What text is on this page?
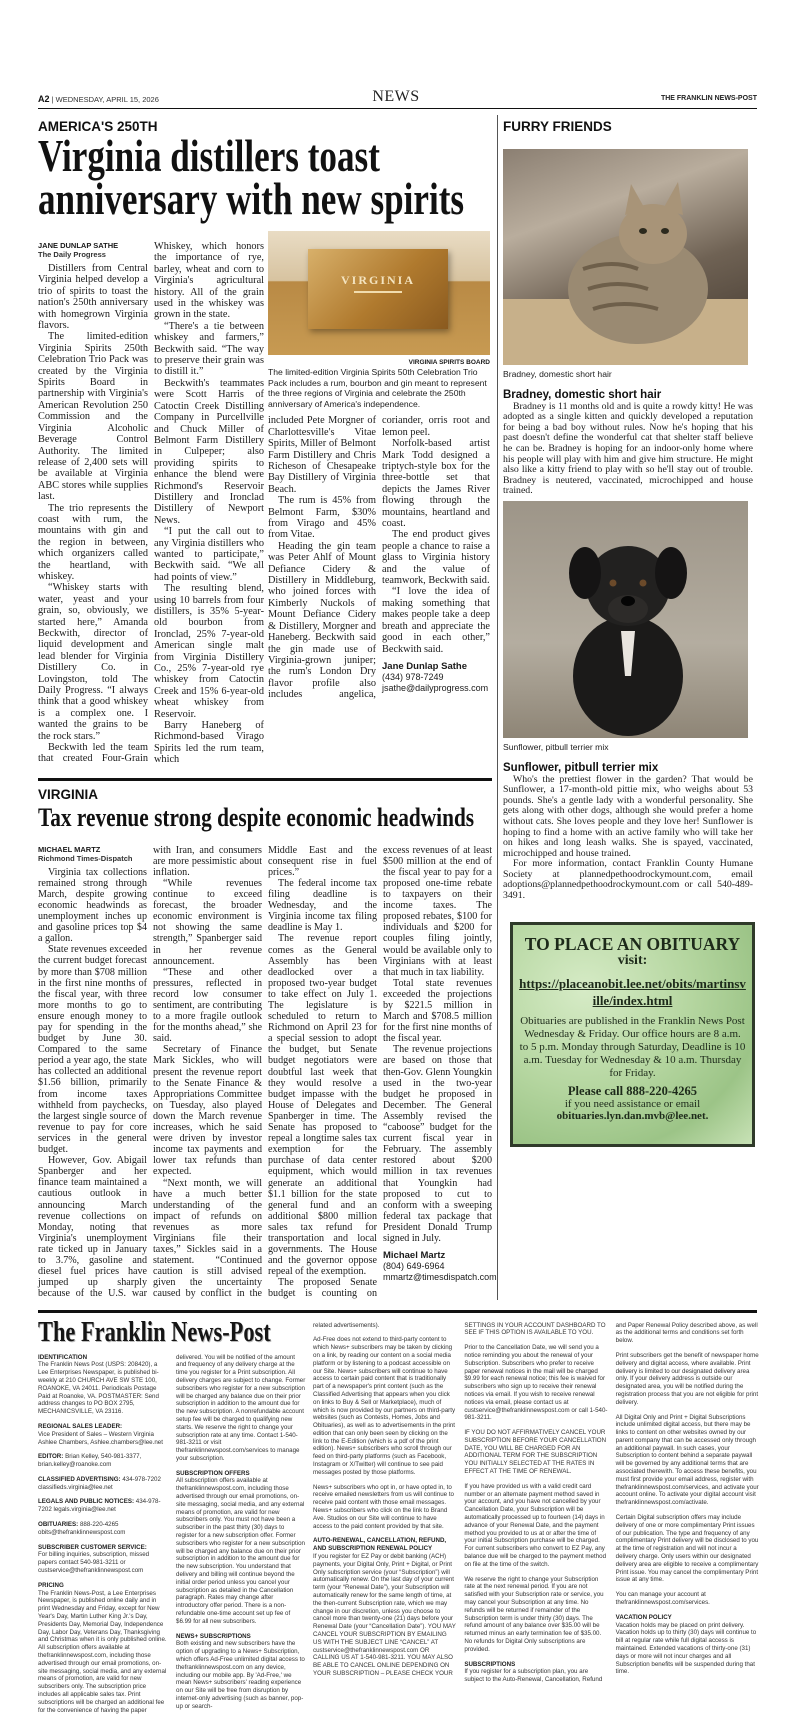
A2 | WEDNESDAY, APRIL 15, 2026	NEWS	THE FRANKLIN NEWS-POST
AMERICA'S 250TH
Virginia distillers toast
anniversary with new spirits
JANE DUNLAP SATHE
The Daily Progress

Distillers from Central Virginia helped develop a trio of spirits to toast the nation's 250th anniversary with homegrown Virginia flavors.

The limited-edition Virginia Spirits 250th Celebration Trio Pack was created by the Virginia Spirits Board in partnership with Virginia's American Revolution 250 Commission and the Virginia Alcoholic Beverage Control Authority. The limited release of 2,400 sets will be available at Virginia ABC stores while supplies last.

The trio represents the coast with rum, the mountains with gin and the region in between, which organizers called the heartland, with whiskey.

“Whiskey starts with water, yeast and your grain, so, obviously, we started here,” Amanda Beckwith, director of liquid development and lead blender for Virginia Distillery Co. in Lovingston, told The Daily Progress. “I always think that a good whiskey is a complex one. I wanted the grains to be the rock stars.”

Beckwith led the team that created Four-Grain Whiskey, which honors the importance of rye, barley, wheat and corn to Virginia's agricultural history. All of the grain used in the whiskey was grown in the state.

“There's a tie between whiskey and farmers,” Beckwith said. “The way to preserve their grain was to distill it.”

Beckwith's teammates were Scott Harris of Catoctin Creek Distilling Company in Purcellville and Chuck Miller of Belmont Farm Distillery in Culpeper; also providing spirits to enhance the blend were Richmond's Reservoir Distillery and Ironclad Distillery of Newport News.

“I put the call out to any Virginia distillers who wanted to participate,” Beckwith said. “We all had points of view.”

The resulting blend, using 10 barrels from four distillers, is 35% 5-year-old bourbon from Ironclad, 25% 7-year-old American single malt from Virginia Distillery Co., 25% 7-year-old rye whiskey from Catoctin Creek and 15% 6-year-old wheat whiskey from Reservoir.

Barry Haneberg of Richmond-based Virago Spirits led the rum team, which

VIRGINIA
VIRGINIA SPIRITS BOARD
The limited-edition Virginia Spirits 50th Celebration Trio Pack includes a rum, bourbon and gin meant to represent the three regions of Virginia and celebrate the 250th anniversary of America's independence.

included Pete Morgner of Charlottesville's Vitae Spirits, Miller of Belmont Farm Distillery and Chris Richeson of Chesapeake Bay Distillery of Virginia Beach.

The rum is 45% from Belmont Farm, $30% from Virago and 45% from Vitae.

Heading the gin team was Peter Ahlf of Mount Defiance Cidery & Distillery in Middleburg, who joined forces with Kimberly Nuckols of Mount Defiance Cidery & Distillery, Morgner and Haneberg. Beckwith said the gin made use of Virginia-grown juniper; the rum's London Dry flavor profile also includes angelica, coriander, orris root and lemon peel.

Norfolk-based artist Mark Todd designed a triptych-style box for the three-bottle set that depicts the James River flowing through the mountains, heartland and coast.

The end product gives people a chance to raise a glass to Virginia history and the value of teamwork, Beckwith said.

“I love the idea of making something that makes people take a deep breath and appreciate the good in each other,” Beckwith said.

Jane Dunlap Sathe
(434) 978-7249
jsathe@dailyprogress.com
VIRGINIA
Tax revenue strong despite economic headwinds
MICHAEL MARTZ
Richmond Times-Dispatch

Virginia tax collections remained strong through March, despite growing economic headwinds as unemployment inches up and gasoline prices top $4 a gallon.

State revenues exceeded the current budget forecast by more than $708 million in the first nine months of the fiscal year, with three more months to go to ensure enough money to pay for spending in the budget by June 30. Compared to the same period a year ago, the state has collected an additional $1.56 billion, primarily from income taxes withheld from paychecks, the largest single source of revenue to pay for core services in the general budget.

However, Gov. Abigail Spanberger and her finance team maintained a cautious outlook in announcing March revenue collections on Monday, noting that Virginia's unemployment rate ticked up in January to 3.7%, gasoline and diesel fuel prices have jumped up sharply because of the U.S. war with Iran, and consumers are more pessimistic about inflation.

“While revenues continue to exceed forecast, the broader economic environment is not showing the same strength,” Spanberger said in her revenue announcement.

“These and other pressures, reflected in record low consumer sentiment, are contributing to a more fragile outlook for the months ahead,” she said.

Secretary of Finance Mark Sickles, who will present the revenue report to the Senate Finance & Appropriations Committee on Tuesday, also played down the March revenue increases, which he said were driven by investor income tax payments and lower tax refunds than expected.

“Next month, we will have a much better understanding of the impact of refunds on revenues as more Virginians file their taxes,” Sickles said in a statement. “Continued caution is still advised given the uncertainty caused by conflict in the Middle East and the consequent rise in fuel prices.”

The federal income tax filing deadline is Wednesday, and the Virginia income tax filing deadline is May 1.

The revenue report comes as the General Assembly has been deadlocked over a proposed two-year budget to take effect on July 1. The legislature is scheduled to return to Richmond on April 23 for a special session to adopt the budget, but Senate budget negotiators were doubtful last week that they would resolve a budget impasse with the House of Delegates and Spanberger in time. The Senate has proposed to repeal a longtime sales tax exemption for the purchase of data center equipment, which would generate an additional $1.1 billion for the state general fund and an additional $800 million sales tax refund for transportation and local governments. The House and the governor oppose repeal of the exemption.

The proposed Senate budget is counting on excess revenues of at least $500 million at the end of the fiscal year to pay for a proposed one-time rebate to taxpayers on their income taxes. The proposed rebates, $100 for individuals and $200 for couples filing jointly, would be available only to Virginians with at least that much in tax liability.

Total state revenues exceeded the projections by $221.5 million in March and $708.5 million for the first nine months of the fiscal year.

The revenue projections are based on those that then-Gov. Glenn Youngkin used in the two-year budget he proposed in December. The General Assembly revised the “caboose” budget for the current fiscal year in February. The assembly restored about $200 million in tax revenues that Youngkin had proposed to cut to conform with a sweeping federal tax package that President Donald Trump signed in July.

Michael Martz
(804) 649-6964
mmartz@timesdispatch.com
FURRY FRIENDS
Bradney, domestic short hair
Bradney, domestic short hair

Bradney is 11 months old and is quite a rowdy kitty! He was adopted as a single kitten and quickly developed a reputation for being a bad boy without rules. Now he's hoping that his past doesn't define the wonderful cat that shelter staff believe he can be. Bradney is hoping for an indoor-only home where his people will play with him and give him structure. He might also like a kitty friend to play with so he'll stay out of trouble. Bradney is neutered, vaccinated, microchipped and house trained.

Sunflower, pitbull terrier mix
Sunflower, pitbull terrier mix

Who's the prettiest flower in the garden? That would be Sunflower, a 17-month-old pittie mix, who weighs about 53 pounds. She's a gentle lady with a wonderful personality. She gets along with other dogs, although she would prefer a home without cats. She loves people and they love her! Sunflower is hoping to find a home with an active family who will take her on hikes and long leash walks. She is spayed, vaccinated, microchipped and house trained.

For more information, contact Franklin County Humane Society at plannedpethoodrockymount.com, email adoptions@plannedpethoodrockymount.com or call 540-489-3491.

TO PLACE AN OBITUARY
visit:
https://placeanobit.lee.net/obits/martinsville/index.html
Obituaries are published in the Franklin News Post Wednesday & Friday. Our office hours are 8 a.m. to 5 p.m. Monday through Saturday, Deadline is 10 a.m. Tuesday for Wednesday & 10 a.m. Thursday for Friday.
Please call 888-220-4265
if you need assistance or email
obituaries.lyn.dan.mvb@lee.net.
The Franklin News-Post

IDENTIFICATION
The Franklin News Post (USPS: 208420), a Lee Enterprises Newspaper, is published bi-weekly at 210 CHURCH AVE SW STE 100, ROANOKE, VA 24011. Periodicals Postage Paid at Roanoke, VA. POSTMASTER: Send address changes to PO BOX 2795, MECHANICSVILLE, VA 23116.

REGIONAL SALES LEADER:
Vice President of Sales – Western Virginia Ashlee Chambers, Ashlee.chambers@lee.net

EDITOR: Brian Kelley, 540-981-3377, brian.kelley@roanoke.com

CLASSIFIED ADVERTISING: 434-978-7202 classifieds.virginia@lee.net

LEGALS AND PUBLIC NOTICES: 434-978-7202 legals.virginia@lee.net

OBITUARIES: 888-220-4265 obits@thefranklinnewspost.com

SUBSCRIBER CUSTOMER SERVICE:
For billing inquiries, subscription, missed papers contact 540-981-3211 or custservice@thefranklinnewspost.com

PRICING
The Franklin News-Post, a Lee Enterprises Newspaper, is published online daily and in print Wednesday and Friday, except for New Year's Day, Martin Luther King Jr.'s Day, Presidents Day, Memorial Day, Independence Day, Labor Day, Veterans Day, Thanksgiving and Christmas when it is only published online. All subscription offers available at thefranklinnewspost.com, including those advertised through our email promotions, on-site messaging, social media, and any external means of promotion, are valid for new subscribers only. The subscription price includes all applicable sales tax. Print subscriptions will be charged an additional fee for the convenience of having the paper delivered. You will be notified of the amount and frequency of any delivery charge at the time you register for a Print subscription. All delivery charges are subject to change. Former subscribers who register for a new subscription will be charged any balance due on their prior subscription in addition to the amount due for the new subscription. A nonrefundable account setup fee will be charged to qualifying new starts. We reserve the right to change your subscription rate at any time. Contact 1-540-981-3211 or visit thefranklinnewspost.com/services to manage your subscription.

SUBSCRIPTION OFFERS
All subscription offers available at thefranklinnewspost.com, including those advertised through our email promotions, on-site messaging, social media, and any external means of promotion, are valid for new subscribers only. You must not have been a subscriber in the past thirty (30) days to register for a new subscription offer. Former subscribers who register for a new subscription will be charged any balance due on their prior subscription in addition to the amount due for the new subscription. You understand that delivery and billing will continue beyond the initial order period unless you cancel your subscription as detailed in the Cancellation paragraph. Rates may change after introductory offer period. There is a non-refundable one-time account set up fee of $6.99 for all new subscribers.

NEWS+ SUBSCRIPTIONS
Both existing and new subscribers have the option of upgrading to a News+ Subscription, which offers Ad-Free unlimited digital access to thefranklinnewspost.com on any device, including our mobile app. By 'Ad-Free,' we mean News+ subscribers' reading experience on our Site will be free from disruption by internet-only advertising (such as banner, pop-up or search-

related advertisements).

Ad-Free does not extend to third-party content to which News+ subscribers may be taken by clicking on a link, by reading our content on a social media platform or by listening to a podcast accessible on our Site. News+ subscribers will continue to have access to certain paid content that is traditionally part of a newspaper's print content (such as the Classified Advertising that appears when you click on links to Buy & Sell or Marketplace), much of which is now provided by our partners on third-party websites (such as Contests, Homes, Jobs and Obituaries), as well as to advertisements in the print edition that can only been seen by clicking on the link to the E-Edition (which is a pdf of the print edition). News+ subscribers who scroll through our feed on third-party platforms (such as Facebook, Instagram or X/Twitter) will continue to see paid messages posted by those platforms.

News+ subscribers who opt in, or have opted in, to receive emailed newsletters from us will continue to receive paid content with those email messages. News+ subscribers who click on the link to Brand Ave. Studios on our Site will continue to have access to the paid content provided by that site.

AUTO-RENEWAL, CANCELLATION, REFUND, AND SUBSCRIPTION RENEWAL POLICY
If you register for EZ Pay or debit banking (ACH) payments, your Digital Only, Print + Digital, or Print Only subscription service (your “Subscription”) will automatically renew. On the last day of your current term (your “Renewal Date”), your Subscription will automatically renew for the same length of time, at the then-current Subscription rate, which we may change in our discretion, unless you choose to cancel more than twenty-one (21) days before your Renewal Date (your “Cancellation Date”). YOU MAY CANCEL YOUR SUBSCRIPTION BY EMAILING US WITH THE SUBJECT LINE “CANCEL” AT custservice@thefranklinnewspost.com OR CALLING US AT 1-540-981-3211. YOU MAY ALSO BE ABLE TO CANCEL ONLINE DEPENDING ON YOUR SUBSCRIPTION – PLEASE CHECK YOUR SETTINGS IN YOUR ACCOUNT DASHBOARD TO SEE IF THIS OPTION IS AVAILABLE TO YOU.

Prior to the Cancellation Date, we will send you a notice reminding you about the renewal of your Subscription. Subscribers who prefer to receive paper renewal notices in the mail will be charged $9.99 for each renewal notice; this fee is waived for subscribers who sign up to receive their renewal notices via email. If you wish to receive renewal notices via email, please contact us at custservice@thefranklinnewspost.com or call 1-540-981-3211.

IF YOU DO NOT AFFIRMATIVELY CANCEL YOUR SUBSCRIPTION BEFORE YOUR CANCELLATION DATE, YOU WILL BE CHARGED FOR AN ADDITIONAL TERM FOR THE SUBSCRIPTION YOU INITIALLY SELECTED AT THE RATES IN EFFECT AT THE TIME OF RENEWAL.

If you have provided us with a valid credit card number or an alternate payment method saved in your account, and you have not cancelled by your Cancellation Date, your Subscription will be automatically processed up to fourteen (14) days in advance of your Renewal Date, and the payment method you provided to us at or after the time of your initial Subscription purchase will be charged. For current subscribers who convert to EZ Pay, any balance due will be charged to the payment method on file at the time of the switch.

We reserve the right to change your Subscription rate at the next renewal period. If you are not satisfied with your Subscription rate or service, you may cancel your Subscription at any time. No refunds will be returned if remainder of the Subscription term is under thirty (30) days. The refund amount of any balance over $35.00 will be returned minus an early termination fee of $35.00. No refunds for Digital Only subscriptions are provided.

SUBSCRIPTIONS
If you register for a subscription plan, you are subject to the Auto-Renewal, Cancellation, Refund and Paper Renewal Policy described above, as well as the additional terms and conditions set forth below.

Print subscribers get the benefit of newspaper home delivery and digital access, where available. Print delivery is limited to our designated delivery area only. If your delivery address is outside our designated area, you will be notified during the registration process that you are not eligible for print delivery.

All Digital Only and Print + Digital Subscriptions include unlimited digital access, but there may be links to content on other websites owned by our parent company that can be accessed only through an additional paywall. In such cases, your Subscription to content behind a separate paywall will be governed by any additional terms that are associated therewith. To access these benefits, you must first provide your email address, register with thefranklinnewspost.com/services, and activate your account online. To activate your digital account visit thefranklinnewspost.com/activate.

Certain Digital subscription offers may include delivery of one or more complimentary Print issues of our publication. The type and frequency of any complimentary Print delivery will be disclosed to you at the time of registration and will not incur a delivery charge. Only users within our designated delivery area are eligible to receive a complimentary Print issue. You may cancel the complimentary Print issue at any time.

You can manage your account at thefranklinnewspost.com/services.

VACATION POLICY
Vacation holds may be placed on print delivery. Vacation holds up to thirty (30) days will continue to bill at regular rate while full digital access is maintained. Extended vacations of thirty-one (31) days or more will not incur charges and all Subscription benefits will be suspended during that time.
